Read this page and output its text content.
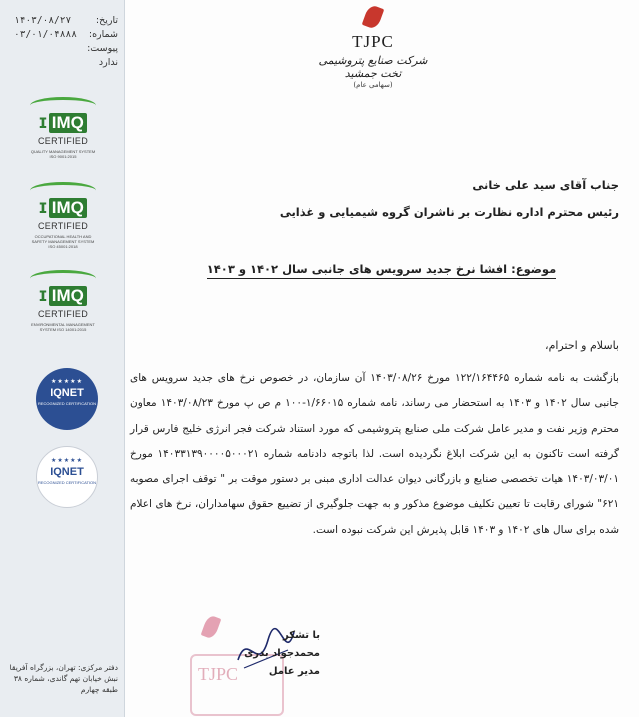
۱۴۰۳/۰۸/۲۷	تاریخ:
۰۳/۰۱/۰۴۸۸۸ شماره:
پیوست:
ندارد
ɪ IMQ
CERTIFIED
QUALITY MANAGEMENT SYSTEM ISO 9001:2015
ɪ IMQ
CERTIFIED
OCCUPATIONAL HEALTH AND SAFETY MANAGEMENT SYSTEM ISO 45001:2018
ɪ IMQ
CERTIFIED
ENVIRONMENTAL MANAGEMENT SYSTEM ISO 14001:2015
★★★★★
IQNET
RECOGNIZED CERTIFICATION
★★★★★
IQNET
RECOGNIZED CERTIFICATION
دفتر مرکزی: تهران، بزرگراه آفریقا
نبش خیابان تهم گاندی، شماره ۳۸
طبقه چهارم
TJPC
شرکت صنایع پتروشیمی تخت جمشید
(سهامی عام)
جناب آقای سید علی خانی
رئیس محترم اداره نظارت بر ناشران گروه شیمیایی و غذایی
موضوع: افشا نرخ جدید سرویس های جانبی سال ۱۴۰۲ و ۱۴۰۳
باسلام و احترام،
بازگشت به نامه شماره ۱۲۲/۱۶۴۴۶۵ مورخ ۱۴۰۳/۰۸/۲۶ آن سازمان، در خصوص نرخ های جدید سرویس های جانبی سال ۱۴۰۲ و ۱۴۰۳ به استحضار می رساند، نامه شماره ۱/۶۶۰۱۵-۱۰۰ م ص پ مورخ ۱۴۰۳/۰۸/۲۳ معاون محترم وزیر نفت و مدیر عامل شرکت ملی صنایع پتروشیمی که مورد استناد شرکت فجر انرژی خلیج فارس قرار گرفته است تاکنون به این شرکت ابلاغ نگردیده است. لذا باتوجه دادنامه شماره ۱۴۰۳۳۱۳۹۰۰۰۰۵۰۰۰۲۱ مورخ ۱۴۰۳/۰۳/۰۱ هیات تخصصی صنایع و بازرگانی دیوان عدالت اداری مبنی بر دستور موقت بر " توقف اجرای مصوبه ۶۲۱" شورای رقابت تا تعیین تکلیف موضوع مذکور و به جهت جلوگیری از تضییع حقوق سهامداران، نرخ های اعلام شده برای سال های ۱۴۰۲ و ۱۴۰۳ قابل پذیرش این شرکت نبوده است.
TJPC
با تشکر
محمدجواد بدری
مدیر عامل
